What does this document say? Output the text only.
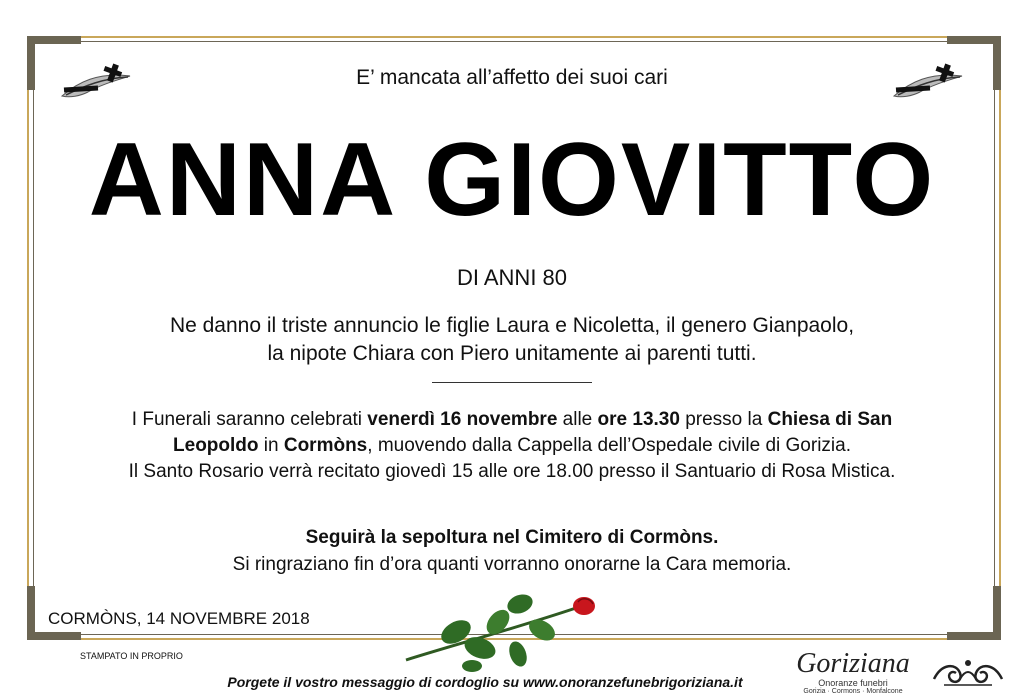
E’ mancata all’affetto dei suoi cari
ANNA GIOVITTO
DI ANNI 80
Ne danno il triste annuncio le figlie Laura e Nicoletta, il genero Gianpaolo,
la nipote Chiara con Piero unitamente ai parenti tutti.
I Funerali saranno celebrati venerdì 16 novembre alle ore 13.30 presso la Chiesa di San
Leopoldo in Cormòns, muovendo dalla Cappella dell’Ospedale civile di Gorizia.
Il Santo Rosario verrà recitato giovedì 15 alle ore 18.00 presso il Santuario di Rosa Mistica.
Seguirà la sepoltura nel Cimitero di Cormòns.
Si ringraziano fin d’ora quanti vorranno onorarne la Cara memoria.
CORMÒNS, 14 NOVEMBRE 2018
STAMPATO IN PROPRIO
Porgete il vostro messaggio di cordoglio su www.onoranzefunebrigoriziana.it
Goriziana
Onoranze funebri
Gorizia · Cormons · Monfalcone
